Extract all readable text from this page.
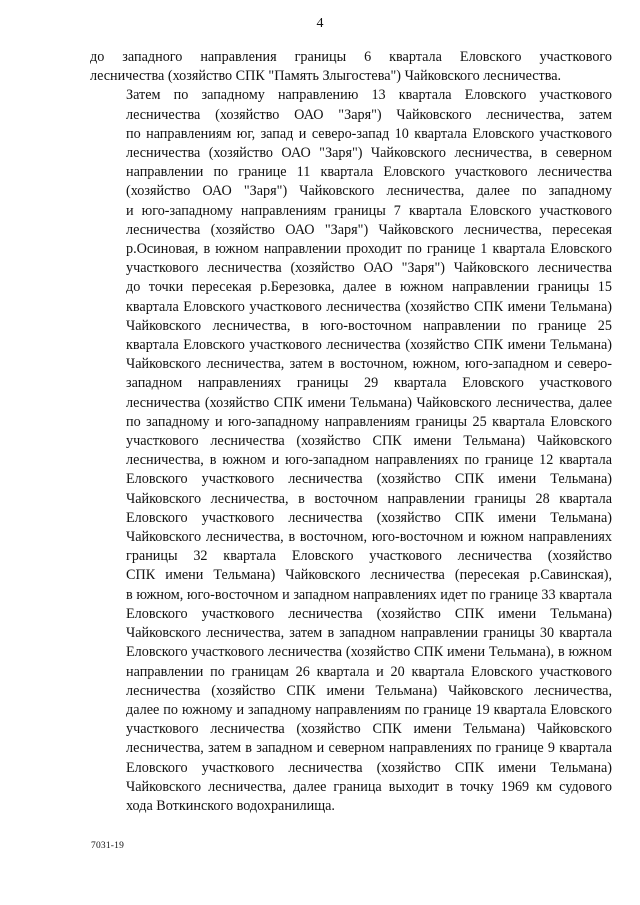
4

до западного направления границы 6 квартала Еловского участкового
лесничества (хозяйство СПК "Память Злыгостева") Чайковского лесничества.

Затем по западному направлению 13 квартала Еловского участкового
лесничества (хозяйство ОАО "Заря") Чайковского лесничества, затем
по направлениям юг, запад и северо-запад 10 квартала Еловского участкового
лесничества (хозяйство ОАО "Заря") Чайковского лесничества, в северном
направлении по границе 11 квартала Еловского участкового лесничества
(хозяйство ОАО "Заря") Чайковского лесничества, далее по западному
и юго-западному направлениям границы 7 квартала Еловского участкового
лесничества (хозяйство ОАО "Заря") Чайковского лесничества, пересекая
р.Осиновая, в южном направлении проходит по границе 1 квартала Еловского
участкового лесничества (хозяйство ОАО "Заря") Чайковского лесничества
до точки пересекая р.Березовка, далее в южном направлении границы 15
квартала Еловского участкового лесничества (хозяйство СПК имени Тельмана)
Чайковского лесничества, в юго-восточном направлении по границе 25
квартала Еловского участкового лесничества (хозяйство СПК имени Тельмана)
Чайковского лесничества, затем в восточном, южном, юго-западном и северо-
западном направлениях границы 29 квартала Еловского участкового
лесничества (хозяйство СПК имени Тельмана) Чайковского лесничества, далее
по западному и юго-западному направлениям границы 25 квартала Еловского
участкового лесничества (хозяйство СПК имени Тельмана) Чайковского
лесничества, в южном и юго-западном направлениях по границе 12 квартала
Еловского участкового лесничества (хозяйство СПК имени Тельмана)
Чайковского лесничества, в восточном направлении границы 28 квартала
Еловского участкового лесничества (хозяйство СПК имени Тельмана)
Чайковского лесничества, в восточном, юго-восточном и южном направлениях
границы 32 квартала Еловского участкового лесничества (хозяйство
СПК имени Тельмана) Чайковского лесничества (пересекая р.Савинская),
в южном, юго-восточном и западном направлениях идет по границе 33 квартала
Еловского участкового лесничества (хозяйство СПК имени Тельмана)
Чайковского лесничества, затем в западном направлении границы 30 квартала
Еловского участкового лесничества (хозяйство СПК имени Тельмана), в южном
направлении по границам 26 квартала и 20 квартала Еловского участкового
лесничества (хозяйство СПК имени Тельмана) Чайковского лесничества,
далее по южному и западному направлениям по границе 19 квартала Еловского
участкового лесничества (хозяйство СПК имени Тельмана) Чайковского
лесничества, затем в западном и северном направлениях по границе 9 квартала
Еловского участкового лесничества (хозяйство СПК имени Тельмана)
Чайковского лесничества, далее граница выходит в точку 1969 км судового
хода Воткинского водохранилища.

7031-19
